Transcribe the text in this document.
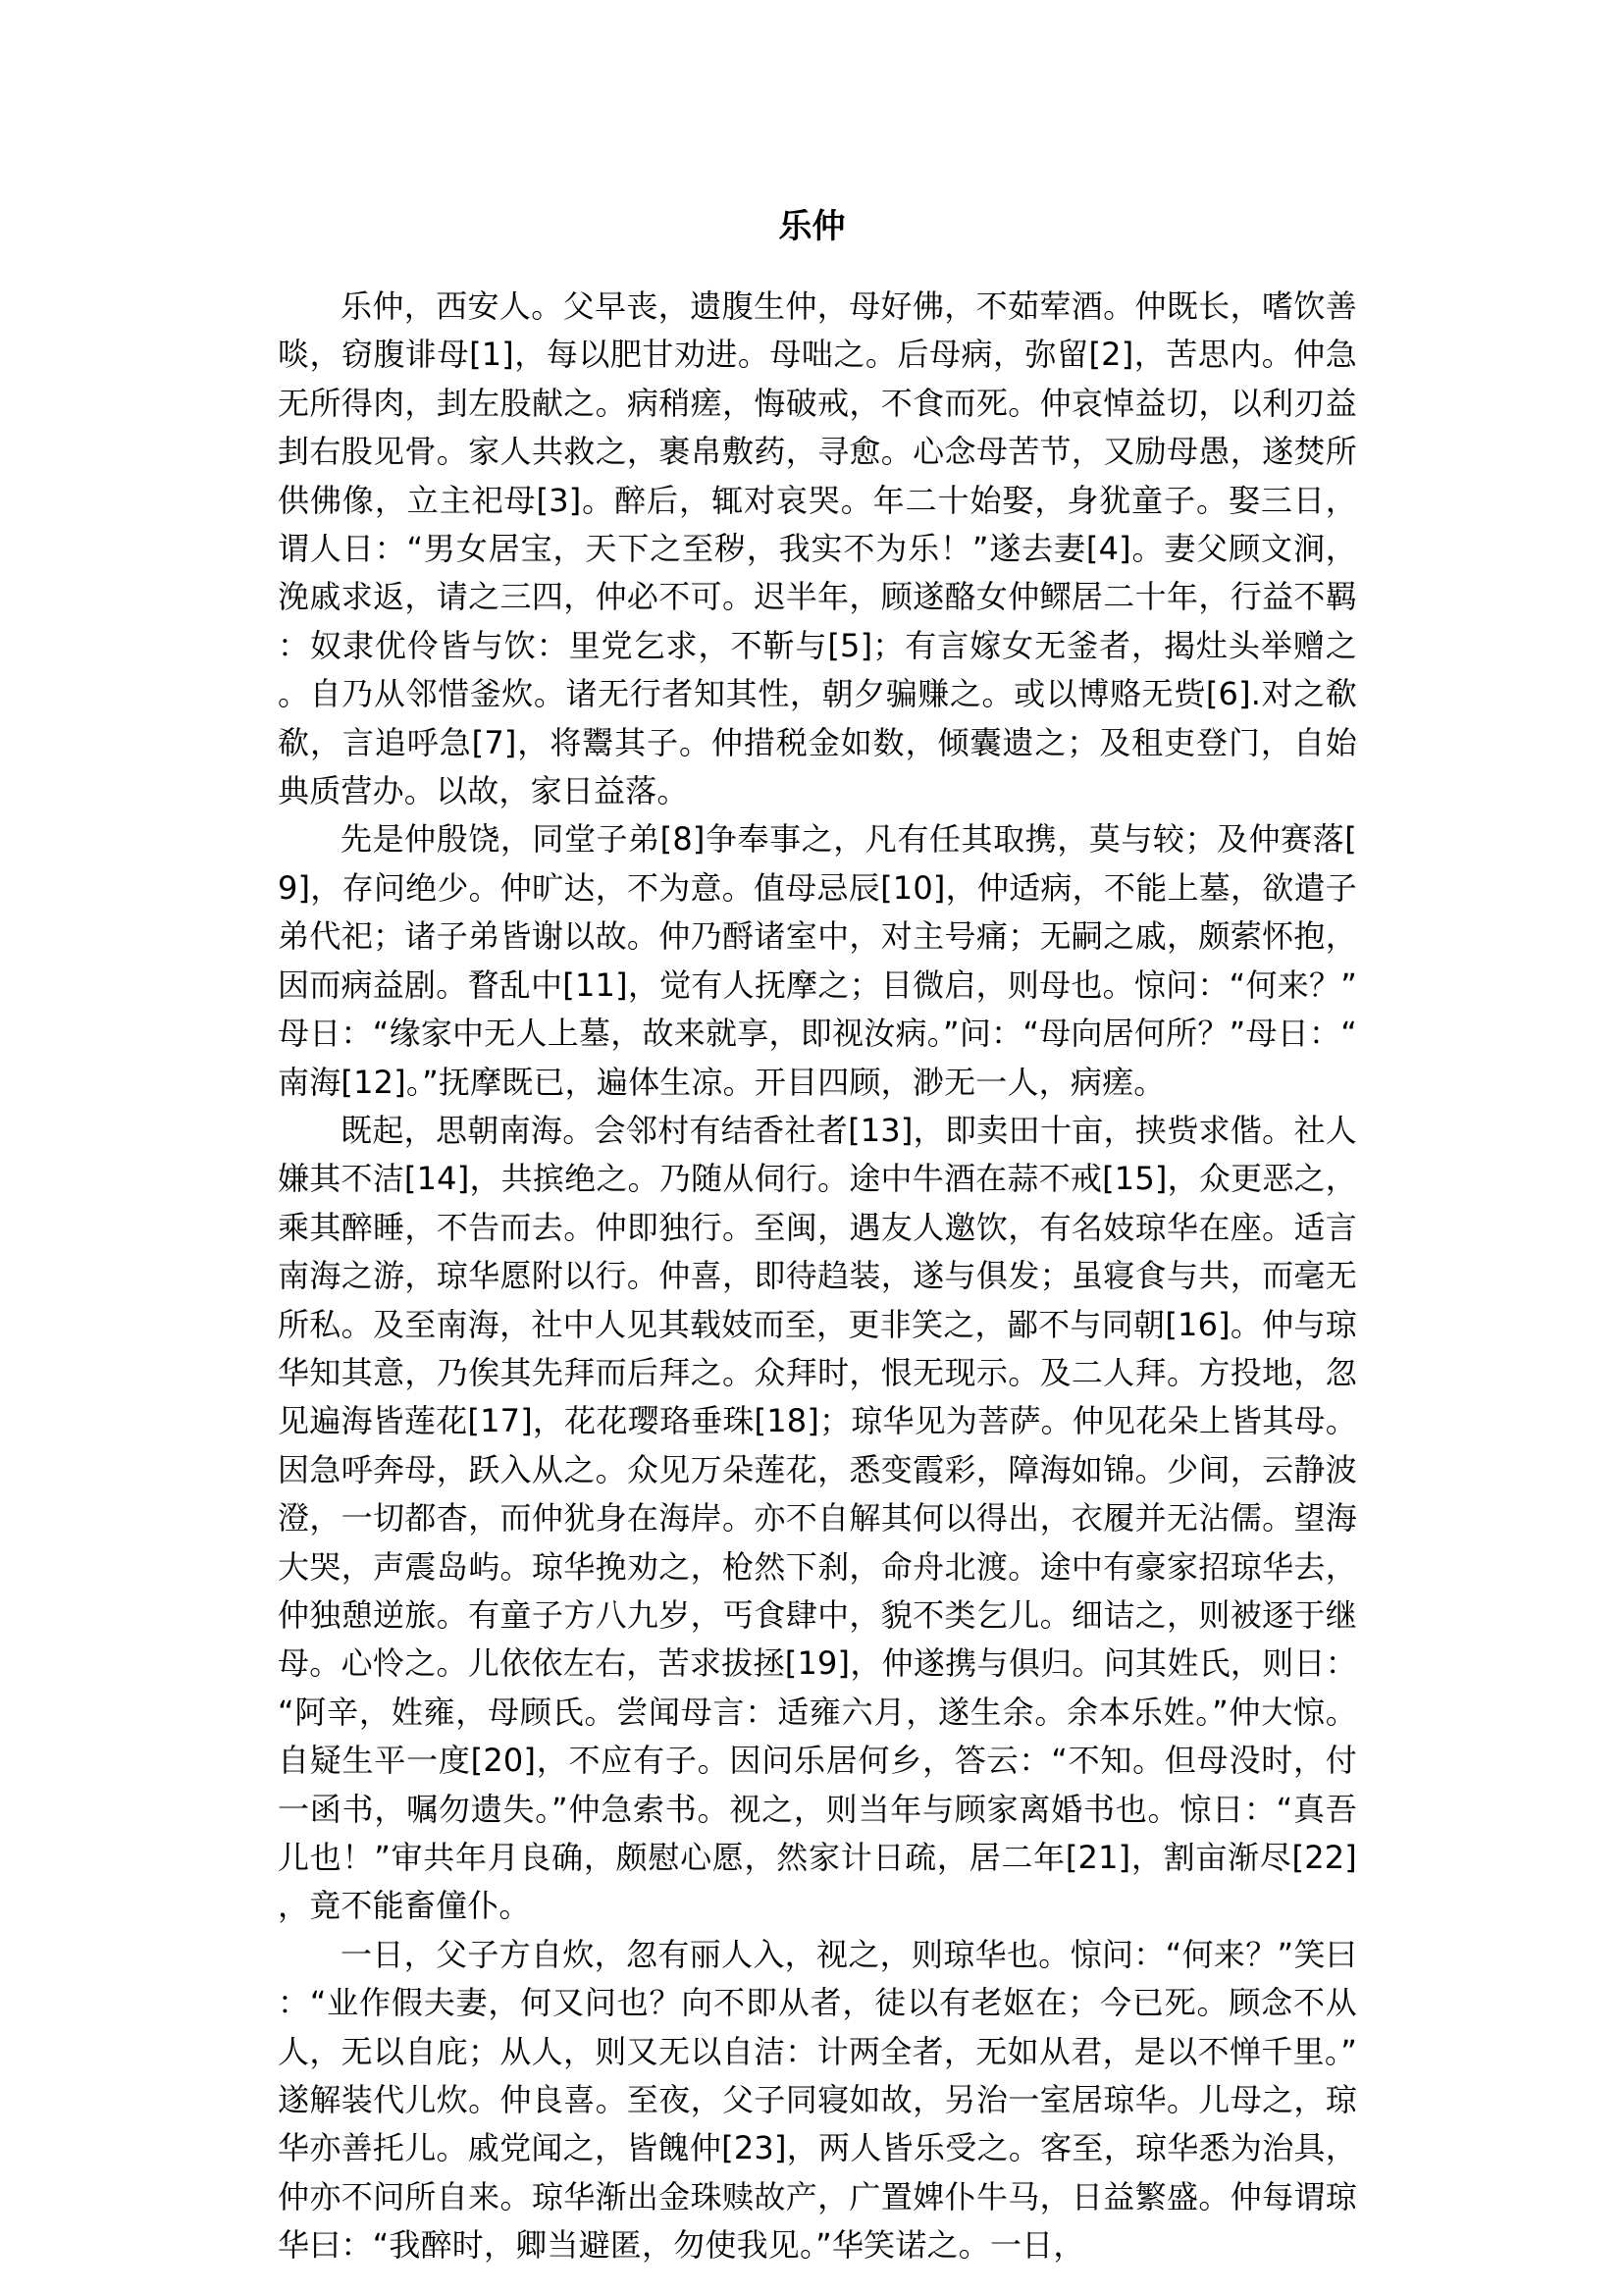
乐仲

乐仲，西安人。父早丧，遗腹生仲，母好佛，不茹荤酒。仲既长，嗜饮善啖，窃腹诽母[1]，每以肥甘劝进。母咄之。后母病，弥留[2]，苦思内。仲急无所得肉，刲左股献之。病稍瘥，悔破戒，不食而死。仲哀悼益切，以利刃益刲右股见骨。家人共救之，裹帛敷药，寻愈。心念母苦节，又励母愚，遂焚所供佛像，立主祀母[3]。醉后，辄对哀哭。年二十始娶，身犹童子。娶三日，谓人日：“男女居宝，天下之至秽，我实不为乐！”遂去妻[4]。妻父顾文涧，浼戚求返，请之三四，仲必不可。迟半年，顾遂酪女仲鳏居二十年，行益不羁：奴隶优伶皆与饮：里党乞求，不靳与[5]；有言嫁女无釜者，揭灶头举赠之。自乃从邻惜釜炊。诸无行者知其性，朝夕骗赚之。或以博赂无赀[6].对之欷欷，言追呼急[7]，将鬻其子。仲措税金如数，倾囊遗之；及租吏登门，自始典质营办。以故，家日益落。

先是仲殷饶，同堂子弟[8]争奉事之，凡有任其取携，莫与较；及仲赛落[9]，存问绝少。仲旷达，不为意。值母忌辰[10]，仲适病，不能上墓，欲遣子弟代祀；诸子弟皆谢以故。仲乃酹诸室中，对主号痛；无嗣之戚，颇萦怀抱，因而病益剧。瞀乱中[11]，觉有人抚摩之；目微启，则母也。惊问：“何来？”母日：“缘家中无人上墓，故来就享，即视汝病。”问：“母向居何所？”母日：“南海[12]。”抚摩既已，遍体生凉。开目四顾，渺无一人，病瘥。

既起，思朝南海。会邻村有结香社者[13]，即卖田十亩，挟赀求偕。社人嫌其不洁[14]，共摈绝之。乃随从伺行。途中牛酒在蒜不戒[15]，众更恶之，乘其醉睡，不告而去。仲即独行。至闽，遇友人邀饮，有名妓琼华在座。适言南海之游，琼华愿附以行。仲喜，即待趋装，遂与俱发；虽寝食与共，而毫无所私。及至南海，社中人见其载妓而至，更非笑之，鄙不与同朝[16]。仲与琼华知其意，乃俟其先拜而后拜之。众拜时，恨无现示。及二人拜。方投地，忽见遍海皆莲花[17]，花花璎珞垂珠[18]；琼华见为菩萨。仲见花朵上皆其母。因急呼奔母，跃入从之。众见万朵莲花，悉变霞彩，障海如锦。少间，云静波澄，一切都杳，而仲犹身在海岸。亦不自解其何以得出，衣履并无沾儒。望海大哭，声震岛屿。琼华挽劝之，枪然下刹，命舟北渡。途中有豪家招琼华去，仲独憩逆旅。有童子方八九岁，丐食肆中，貌不类乞儿。细诘之，则被逐于继母。心怜之。儿依依左右，苦求拔拯[19]，仲遂携与俱归。问其姓氏，则日：“阿辛，姓雍，母顾氏。尝闻母言：适雍六月，遂生余。余本乐姓。”仲大惊。自疑生平一度[20]，不应有子。因问乐居何乡，答云：“不知。但母没时，付一函书，嘱勿遗失。”仲急索书。视之，则当年与顾家离婚书也。惊日：“真吾儿也！”审共年月良确，颇慰心愿，然家计日疏，居二年[21]，割亩渐尽[22]，竟不能畜僮仆。

一日，父子方自炊，忽有丽人入，视之，则琼华也。惊问：“何来？”笑曰：“业作假夫妻，何又问也？向不即从者，徒以有老妪在；今已死。顾念不从人，无以自庇；从人，则又无以自洁：计两全者，无如从君，是以不惮千里。”遂解装代儿炊。仲良喜。至夜，父子同寝如故，另治一室居琼华。儿母之，琼华亦善托儿。戚党闻之，皆餽仲[23]，两人皆乐受之。客至，琼华悉为治具，仲亦不问所自来。琼华渐出金珠赎故产，广置婢仆牛马，日益繁盛。仲每谓琼华曰：“我醉时，卿当避匿，勿使我见。”华笑诺之。一日，
